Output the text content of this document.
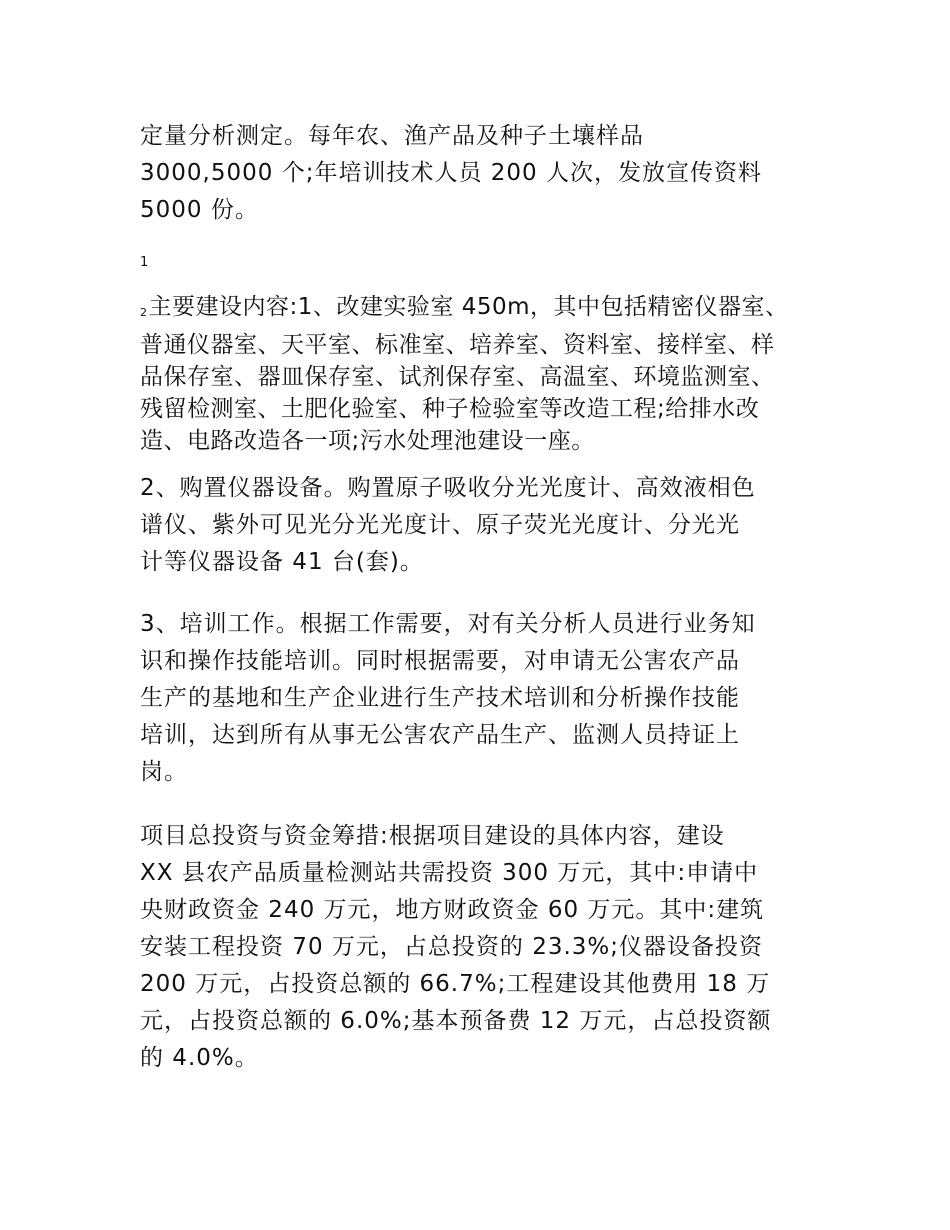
定量分析测定。每年农、渔产品及种子土壤样品
3000,5000 个;年培训技术人员 200 人次，发放宣传资料
5000 份。
1
2主要建设内容:1、改建实验室 450m，其中包括精密仪器室、
普通仪器室、天平室、标准室、培养室、资料室、接样室、样
品保存室、器皿保存室、试剂保存室、高温室、环境监测室、
残留检测室、土肥化验室、种子检验室等改造工程;给排水改
造、电路改造各一项;污水处理池建设一座。
2、购置仪器设备。购置原子吸收分光光度计、高效液相色
谱仪、紫外可见光分光光度计、原子荧光光度计、分光光
计等仪器设备 41 台(套)。
3、培训工作。根据工作需要，对有关分析人员进行业务知
识和操作技能培训。同时根据需要，对申请无公害农产品
生产的基地和生产企业进行生产技术培训和分析操作技能
培训，达到所有从事无公害农产品生产、监测人员持证上
岗。
项目总投资与资金筹措:根据项目建设的具体内容，建设
XX 县农产品质量检测站共需投资 300 万元，其中:申请中
央财政资金 240 万元，地方财政资金 60 万元。其中:建筑
安装工程投资 70 万元，占总投资的 23.3%;仪器设备投资
200 万元，占投资总额的 66.7%;工程建设其他费用 18 万
元，占投资总额的 6.0%;基本预备费 12 万元，占总投资额
的 4.0%。
